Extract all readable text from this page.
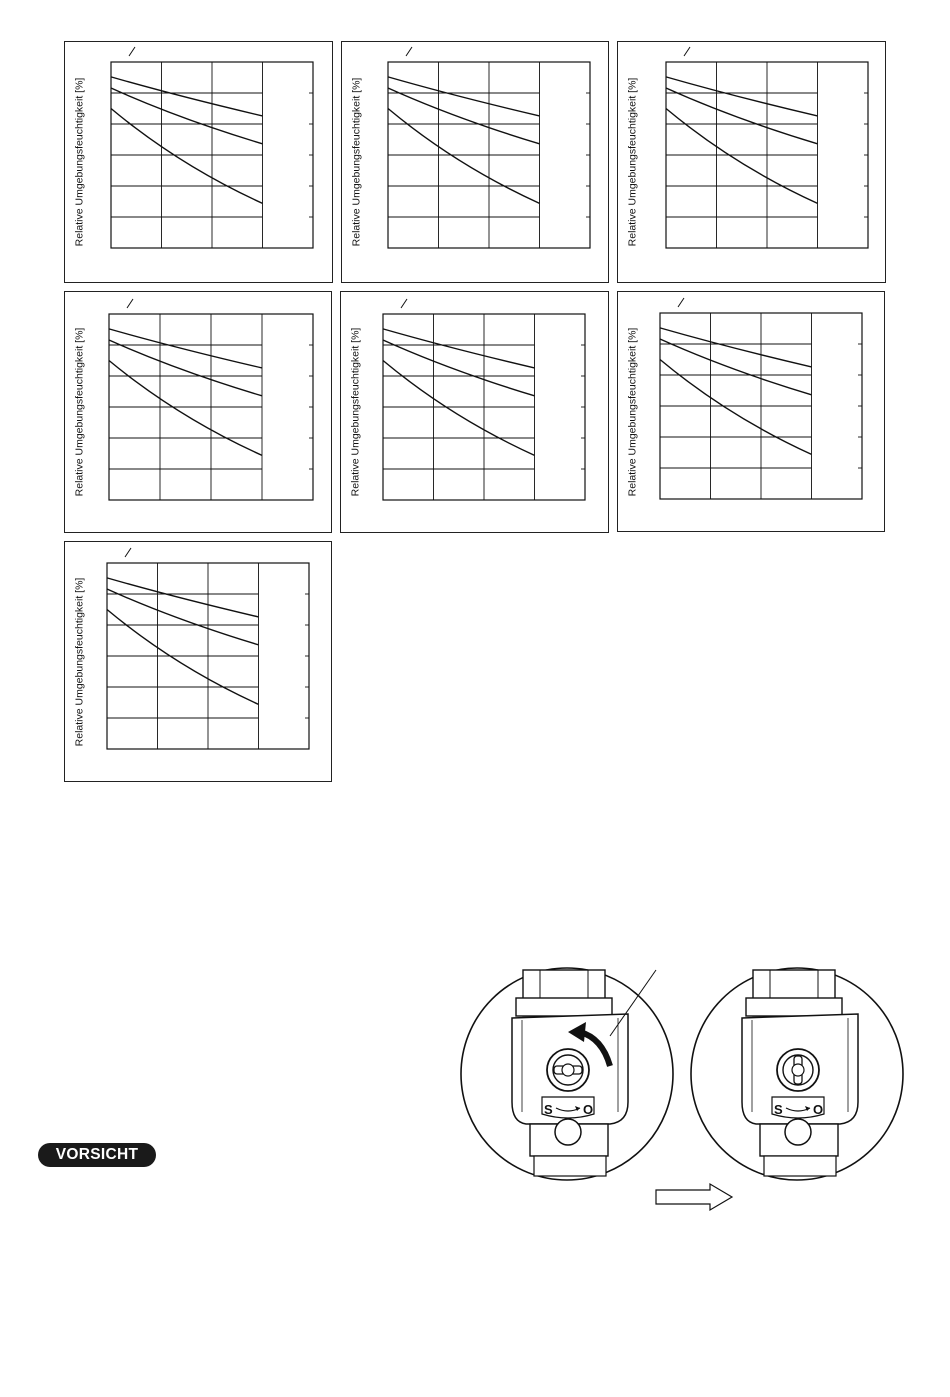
Relative Umgebungsfeuchtigkeit [%]	Relative Umgebungsfeuchtigkeit [%]	Relative Umgebungsfeuchtigkeit [%]
Relative Umgebungsfeuchtigkeit [%]	Relative Umgebungsfeuchtigkeit [%]	Relative Umgebungsfeuchtigkeit [%]
Relative Umgebungsfeuchtigkeit [%]
VORSICHT
S O	S O
